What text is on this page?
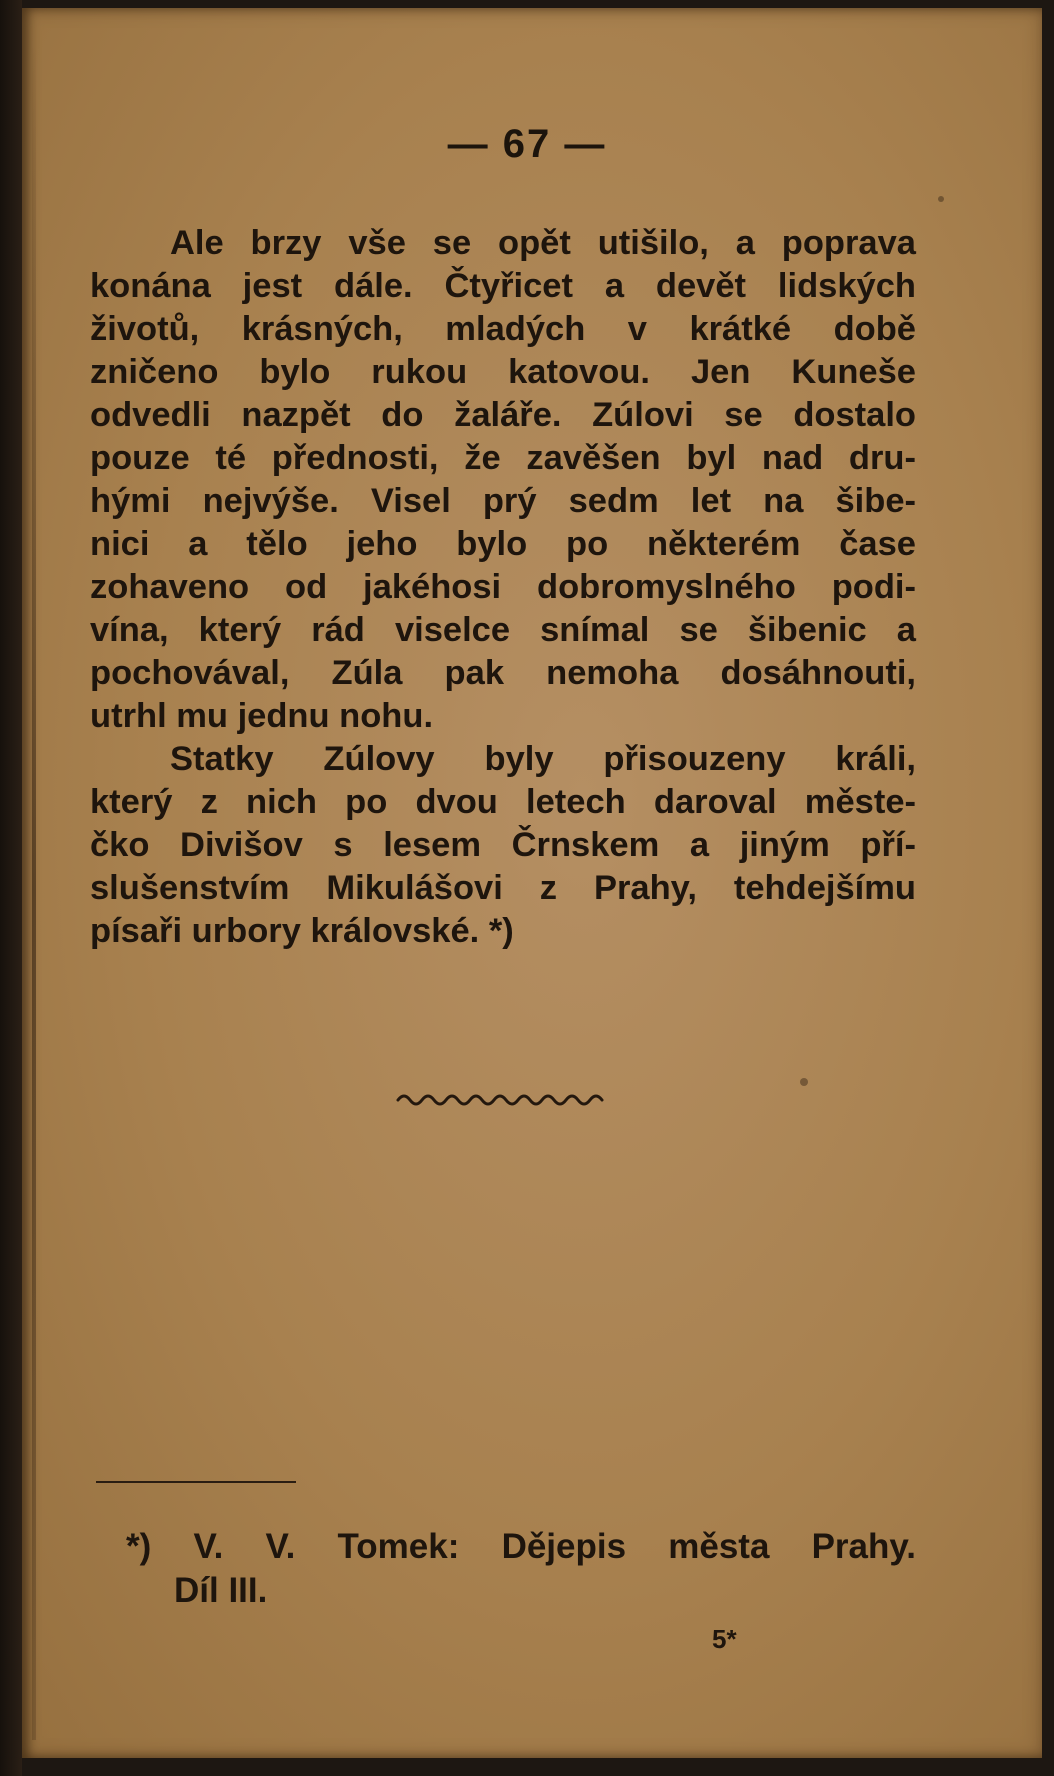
— 67 —
Ale brzy vše se opět utišilo, a poprava
konána jest dále. Čtyřicet a devět lidských
životů, krásných, mladých v krátké době
zničeno bylo rukou katovou. Jen Kuneše
odvedli nazpět do žaláře. Zúlovi se dostalo
pouze té přednosti, že zavěšen byl nad dru-
hými nejvýše. Visel prý sedm let na šibe-
nici a tělo jeho bylo po některém čase
zohaveno od jakéhosi dobromyslného podi-
vína, který rád viselce snímal se šibenic a
pochovával, Zúla pak nemoha dosáhnouti,
utrhl mu jednu nohu.
Statky Zúlovy byly přisouzeny králi,
který z nich po dvou letech daroval měste-
čko Divišov s lesem Črnskem a jiným pří-
slušenstvím Mikulášovi z Prahy, tehdejšímu
písaři urbory královské. *)
*) V. V. Tomek: Dějepis města Prahy.
Díl III.
5*
